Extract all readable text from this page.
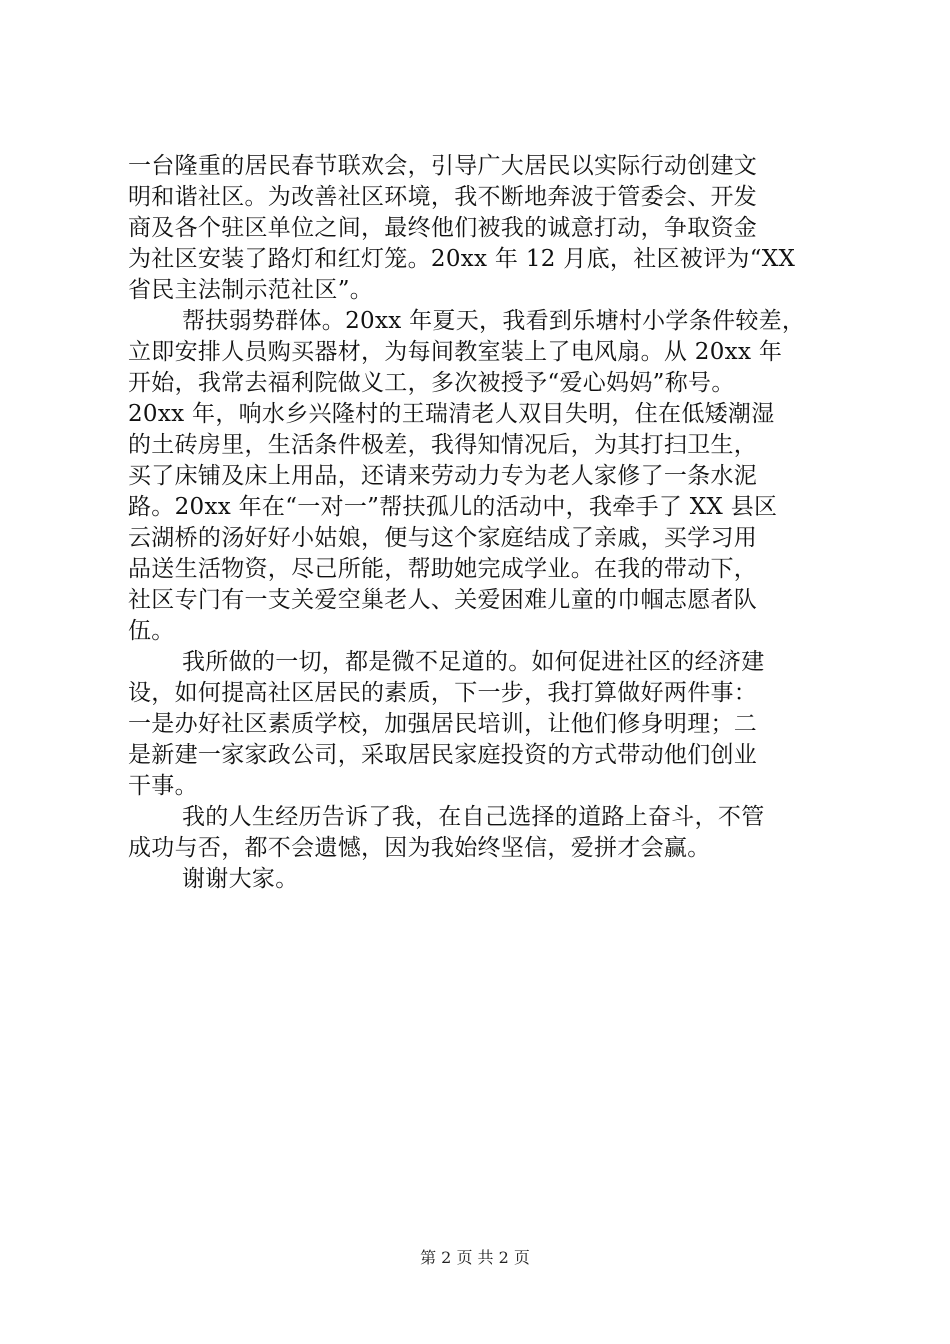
一台隆重的居民春节联欢会，引导广大居民以实际行动创建文
明和谐社区。为改善社区环境，我不断地奔波于管委会、开发
商及各个驻区单位之间，最终他们被我的诚意打动，争取资金
为社区安装了路灯和红灯笼。20xx 年 12 月底，社区被评为“XX
省民主法制示范社区”。
帮扶弱势群体。20xx 年夏天，我看到乐塘村小学条件较差，
立即安排人员购买器材，为每间教室装上了电风扇。从 20xx 年
开始，我常去福利院做义工，多次被授予“爱心妈妈”称号。
20xx 年，响水乡兴隆村的王瑞清老人双目失明，住在低矮潮湿
的土砖房里，生活条件极差，我得知情况后，为其打扫卫生，
买了床铺及床上用品，还请来劳动力专为老人家修了一条水泥
路。20xx 年在“一对一”帮扶孤儿的活动中，我牵手了 XX 县区
云湖桥的汤好好小姑娘，便与这个家庭结成了亲戚，买学习用
品送生活物资，尽己所能，帮助她完成学业。在我的带动下，
社区专门有一支关爱空巢老人、关爱困难儿童的巾帼志愿者队
伍。
我所做的一切，都是微不足道的。如何促进社区的经济建
设，如何提高社区居民的素质，下一步，我打算做好两件事：
一是办好社区素质学校，加强居民培训，让他们修身明理；二
是新建一家家政公司，采取居民家庭投资的方式带动他们创业
干事。
我的人生经历告诉了我，在自己选择的道路上奋斗，不管
成功与否，都不会遗憾，因为我始终坚信，爱拼才会赢。
谢谢大家。
第 2 页 共 2 页
